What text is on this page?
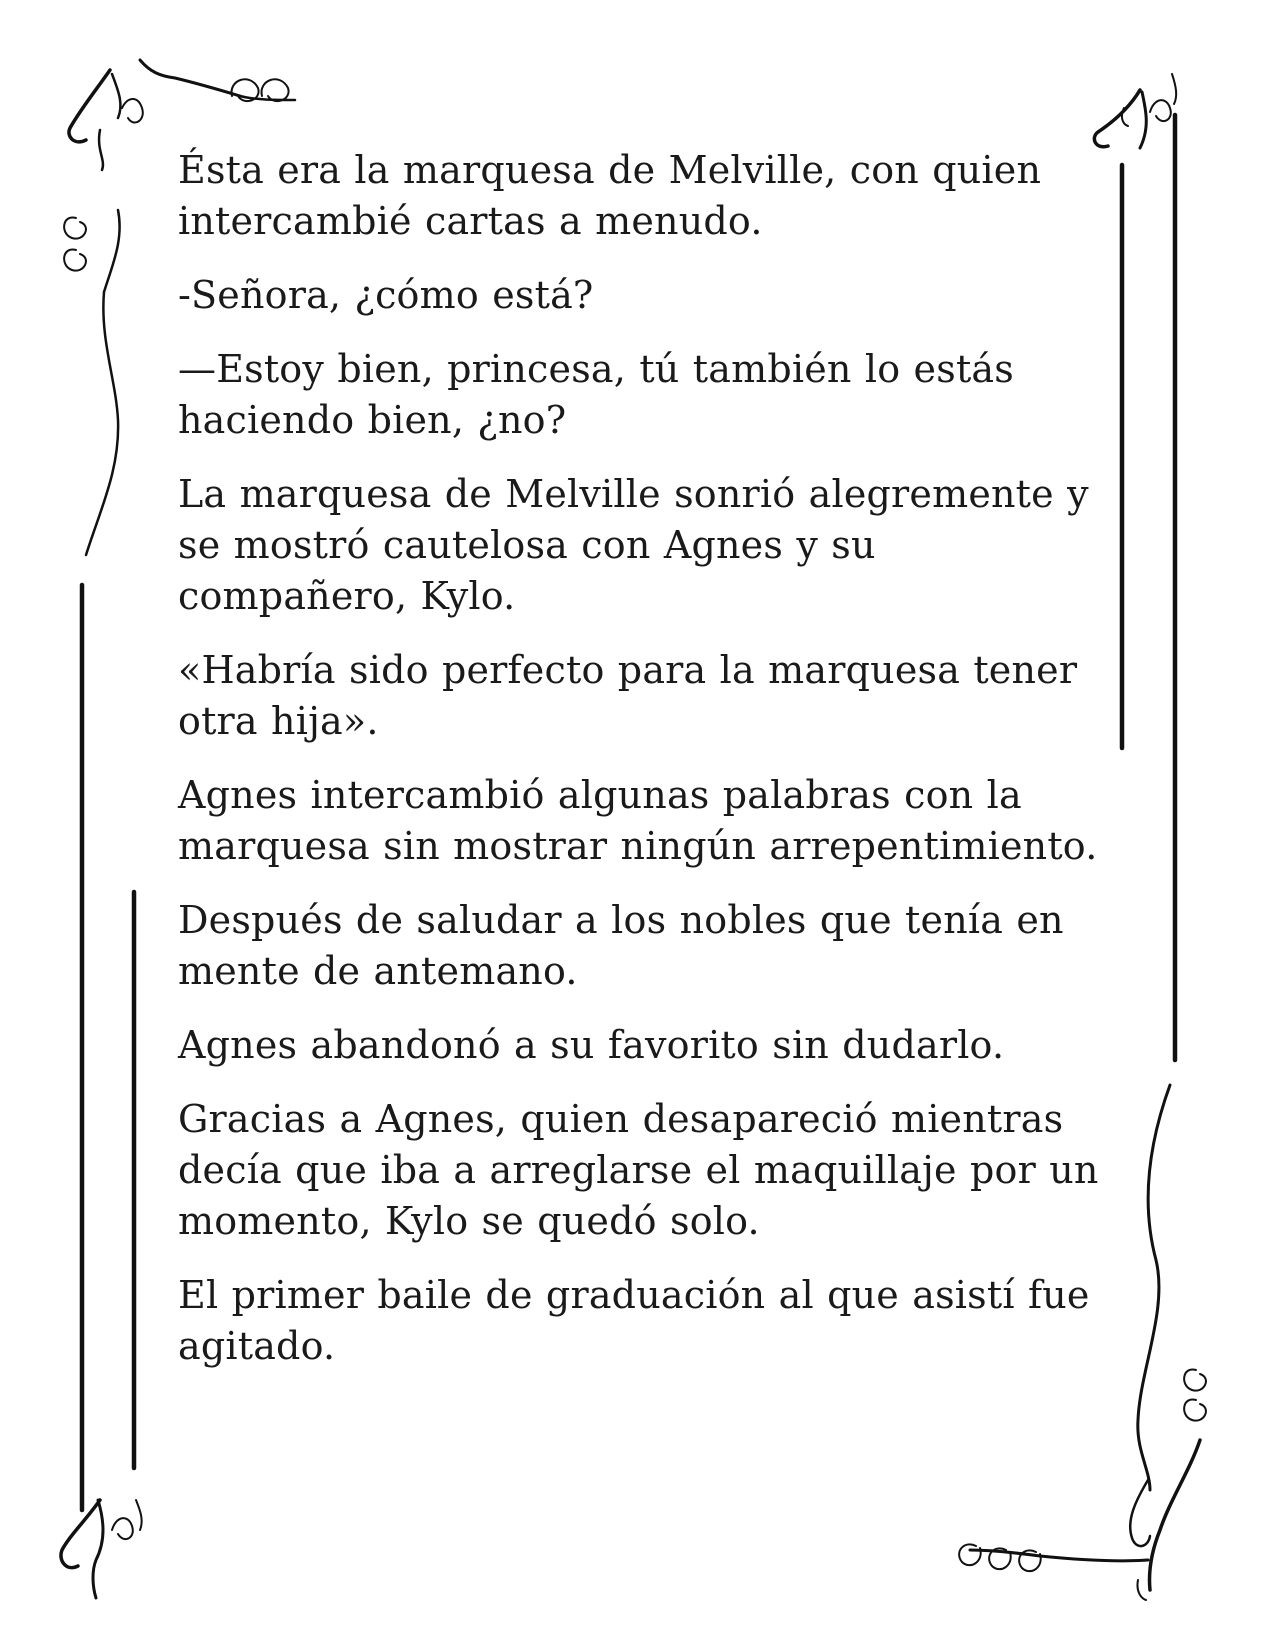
Ésta era la marquesa de Melville, con quien intercambié cartas a menudo.

-Señora, ¿cómo está?

—Estoy bien, princesa, tú también lo estás haciendo bien, ¿no?

La marquesa de Melville sonrió alegremente y se mostró cautelosa con Agnes y su compañero, Kylo.

«Habría sido perfecto para la marquesa tener otra hija».

Agnes intercambió algunas palabras con la marquesa sin mostrar ningún arrepentimiento.

Después de saludar a los nobles que tenía en mente de antemano.

Agnes abandonó a su favorito sin dudarlo.

Gracias a Agnes, quien desapareció mientras decía que iba a arreglarse el maquillaje por un momento, Kylo se quedó solo.

El primer baile de graduación al que asistí fue agitado.
